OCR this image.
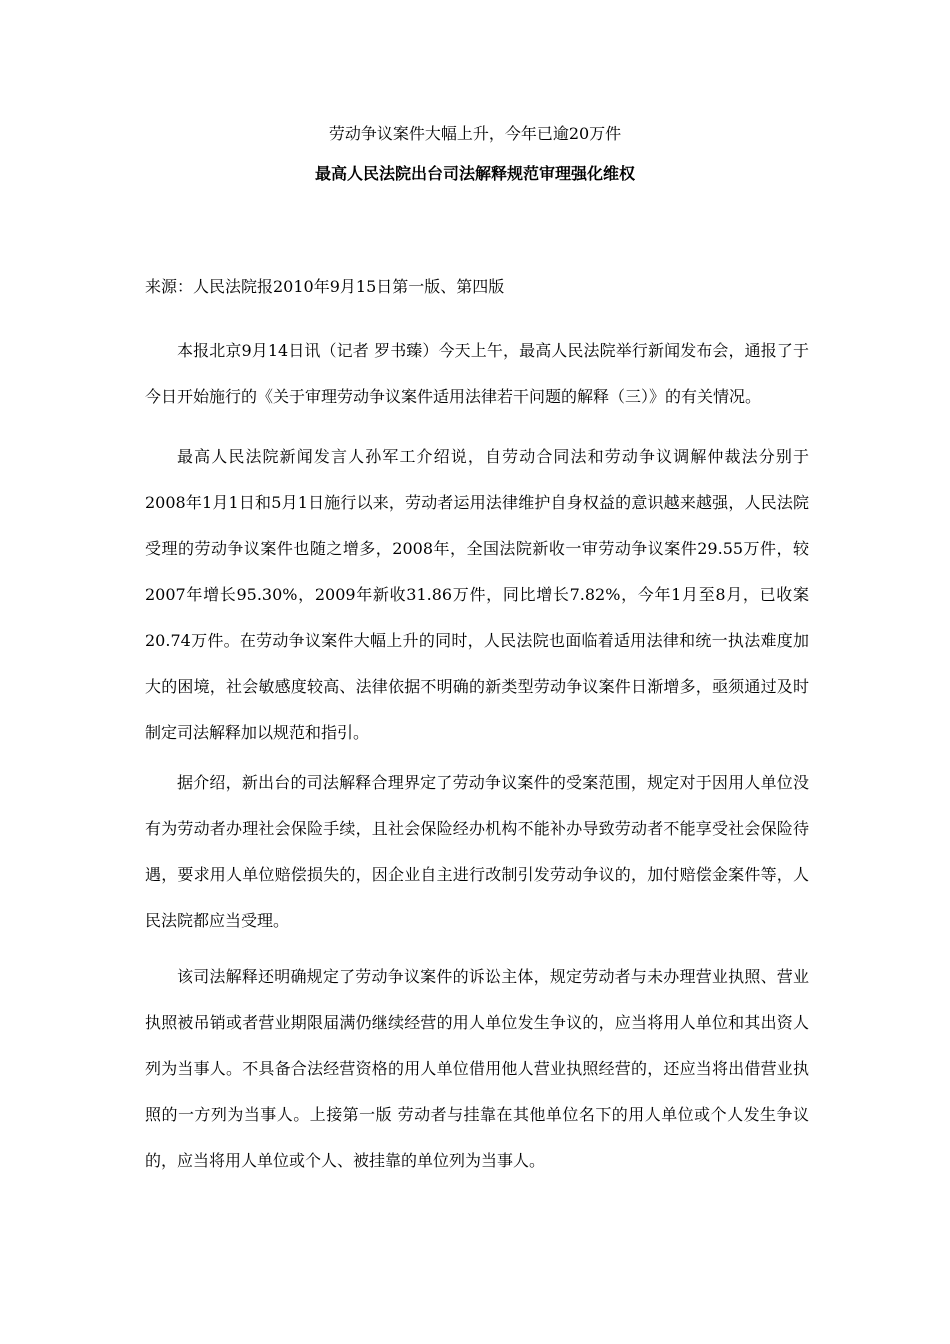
劳动争议案件大幅上升，今年已逾20万件
最高人民法院出台司法解释规范审理强化维权
来源：人民法院报2010年9月15日第一版、第四版

本报北京9月14日讯（记者 罗书臻）今天上午，最高人民法院举行新闻发布会，通报了于今日开始施行的《关于审理劳动争议案件适用法律若干问题的解释（三）》的有关情况。

最高人民法院新闻发言人孙军工介绍说，自劳动合同法和劳动争议调解仲裁法分别于2008年1月1日和5月1日施行以来，劳动者运用法律维护自身权益的意识越来越强，人民法院受理的劳动争议案件也随之增多，2008年，全国法院新收一审劳动争议案件29.55万件，较2007年增长95.30%，2009年新收31.86万件，同比增长7.82%，今年1月至8月，已收案20.74万件。在劳动争议案件大幅上升的同时，人民法院也面临着适用法律和统一执法难度加大的困境，社会敏感度较高、法律依据不明确的新类型劳动争议案件日渐增多，亟须通过及时制定司法解释加以规范和指引。

据介绍，新出台的司法解释合理界定了劳动争议案件的受案范围，规定对于因用人单位没有为劳动者办理社会保险手续，且社会保险经办机构不能补办导致劳动者不能享受社会保险待遇，要求用人单位赔偿损失的，因企业自主进行改制引发劳动争议的，加付赔偿金案件等，人民法院都应当受理。

该司法解释还明确规定了劳动争议案件的诉讼主体，规定劳动者与未办理营业执照、营业执照被吊销或者营业期限届满仍继续经营的用人单位发生争议的，应当将用人单位和其出资人列为当事人。不具备合法经营资格的用人单位借用他人营业执照经营的，还应当将出借营业执照的一方列为当事人。上接第一版 劳动者与挂靠在其他单位名下的用人单位或个人发生争议的，应当将用人单位或个人、被挂靠的单位列为当事人。
